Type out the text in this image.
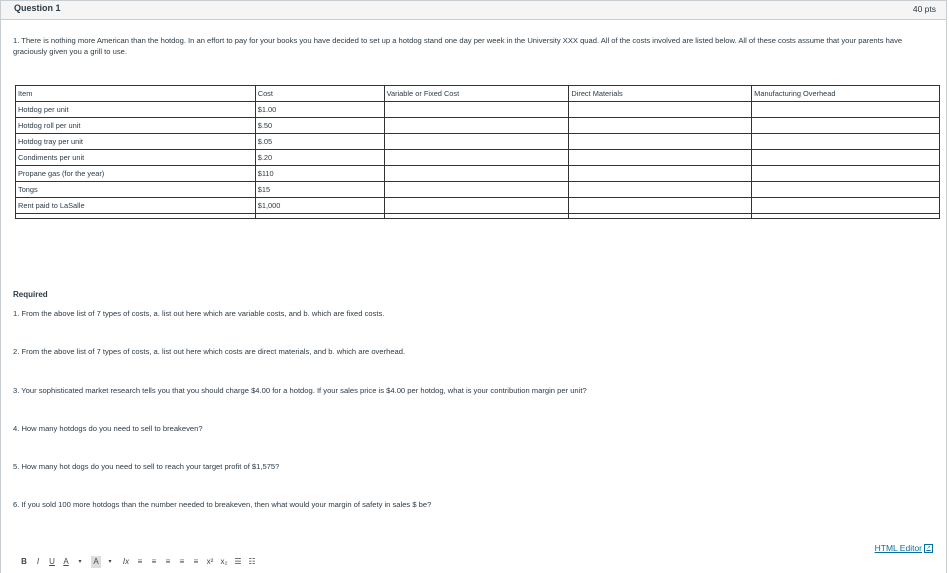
Question 1	40 pts
1. There is nothing more American than the hotdog. In an effort to pay for your books you have decided to set up a hotdog stand one day per week in the University XXX quad. All of the costs involved are listed below. All of these costs assume that your parents have graciously given you a grill to use.
Item	Cost	Variable or Fixed Cost	Direct Materials	Manufacturing Overhead
Hotdog per unit	$1.00			
Hotdog roll per unit	$.50			
Hotdog tray per unit	$.05			
Condiments per unit	$.20			
Propane gas (for the year)	$110			
Tongs	$15			
Rent paid to LaSalle	$1,000			

Required
1. From the above list of 7 types of costs, a. list out here which are variable costs, and b. which are fixed costs.
2. From the above list of 7 types of costs, a. list out here which costs are direct materials, and b. which are overhead.
3. Your sophisticated market research tells you that you should charge $4.00 for a hotdog. If your sales price is $4.00 per hotdog, what is your contribution margin per unit?
4. How many hotdogs do you need to sell to breakeven?
5. How many hot dogs do you need to sell to reach your target profit of $1,575?
6. If you sold 100 more hotdogs than the number needed to breakeven, then what would your margin of safety in sales $ be?
HTML Editor ↗
B	I	U A	▾	A	▾	Ix	≡	≡	≡	≡	≡	x² x₂ ☰ ☷
